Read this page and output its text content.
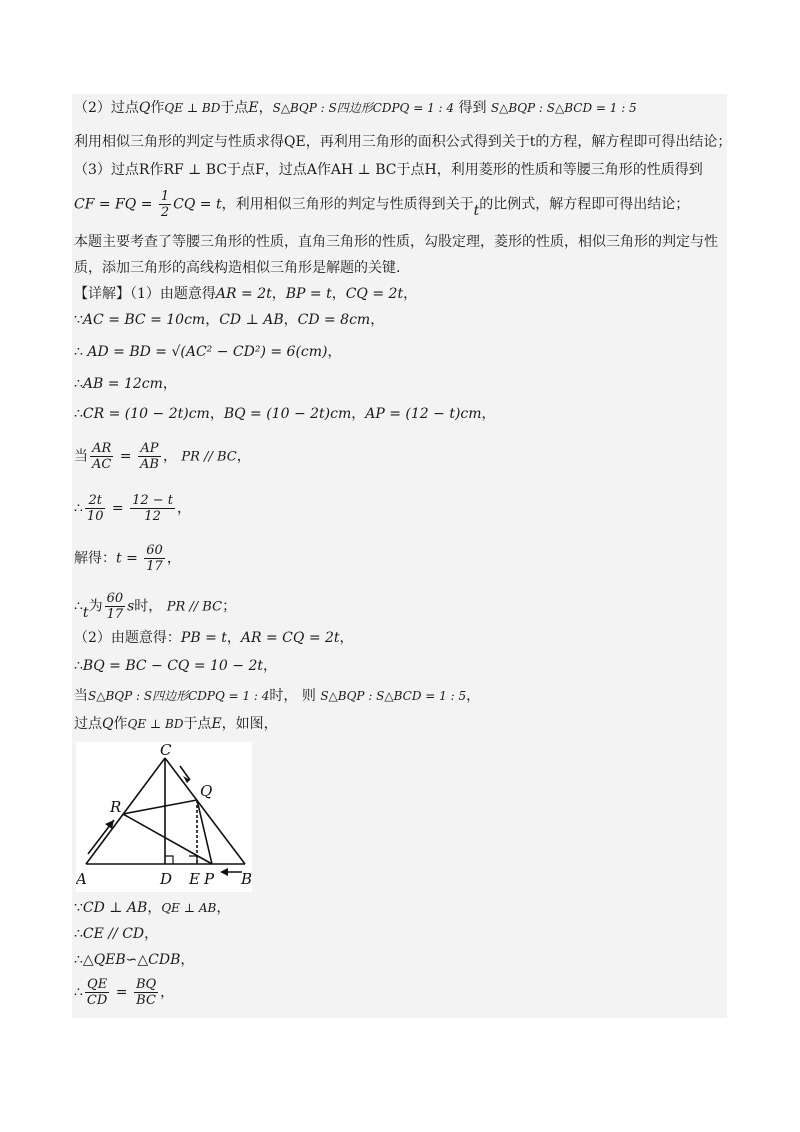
（2）过点Q作QE ⊥ BD于点E，S△BQP : S四边形CDPQ = 1 : 4 得到 S△BQP : S△BCD = 1 : 5
利用相似三角形的判定与性质求得QE，再利用三角形的面积公式得到关于t的方程，解方程即可得出结论；
（3）过点R作RF ⊥ BC于点F，过点A作AH ⊥ BC于点H，利用菱形的性质和等腰三角形的性质得到
CF = FQ = $\frac{1}{2}$ CQ = t，利用相似三角形的判定与性质得到关于t的比例式，解方程即可得出结论；
本题主要考查了等腰三角形的性质，直角三角形的性质，勾股定理，菱形的性质，相似三角形的判定与性
质，添加三角形的高线构造相似三角形是解题的关键.
【详解】（1）由题意得AR = 2t，BP = t，CQ = 2t，
∵AC = BC = 10cm，CD ⊥ AB，CD = 8cm，
∴ AD = BD = √(AC² − CD²) = 6(cm)，
∴AB = 12cm，
∴CR = (10 − 2t)cm，BQ = (10 − 2t)cm，AP = (12 − t)cm，
当 $\frac{AR}{AC} = \frac{AP}{AB}$ ， PR // BC，
∴ $\frac{2t}{10} = \frac{12 - t}{12}$ ，
解得：$t = \frac{60}{17}$ ，
∴t为 $\frac{60}{17}$ s时， PR // BC；
（2）由题意得：PB = t，AR = CQ = 2t，
∴BQ = BC − CQ = 10 − 2t，
当S△BQP : S四边形CDPQ = 1 : 4时， 则 S△BQP : S△BCD = 1 : 5，
过点Q作QE ⊥ BD于点E，如图，
C
Q
R
A	D E P B
∵CD ⊥ AB，QE ⊥ AB，
∴CE // CD，
∴△QEB∽△CDB，
∴ $\frac{QE}{CD} = \frac{BQ}{BC}$ ，
